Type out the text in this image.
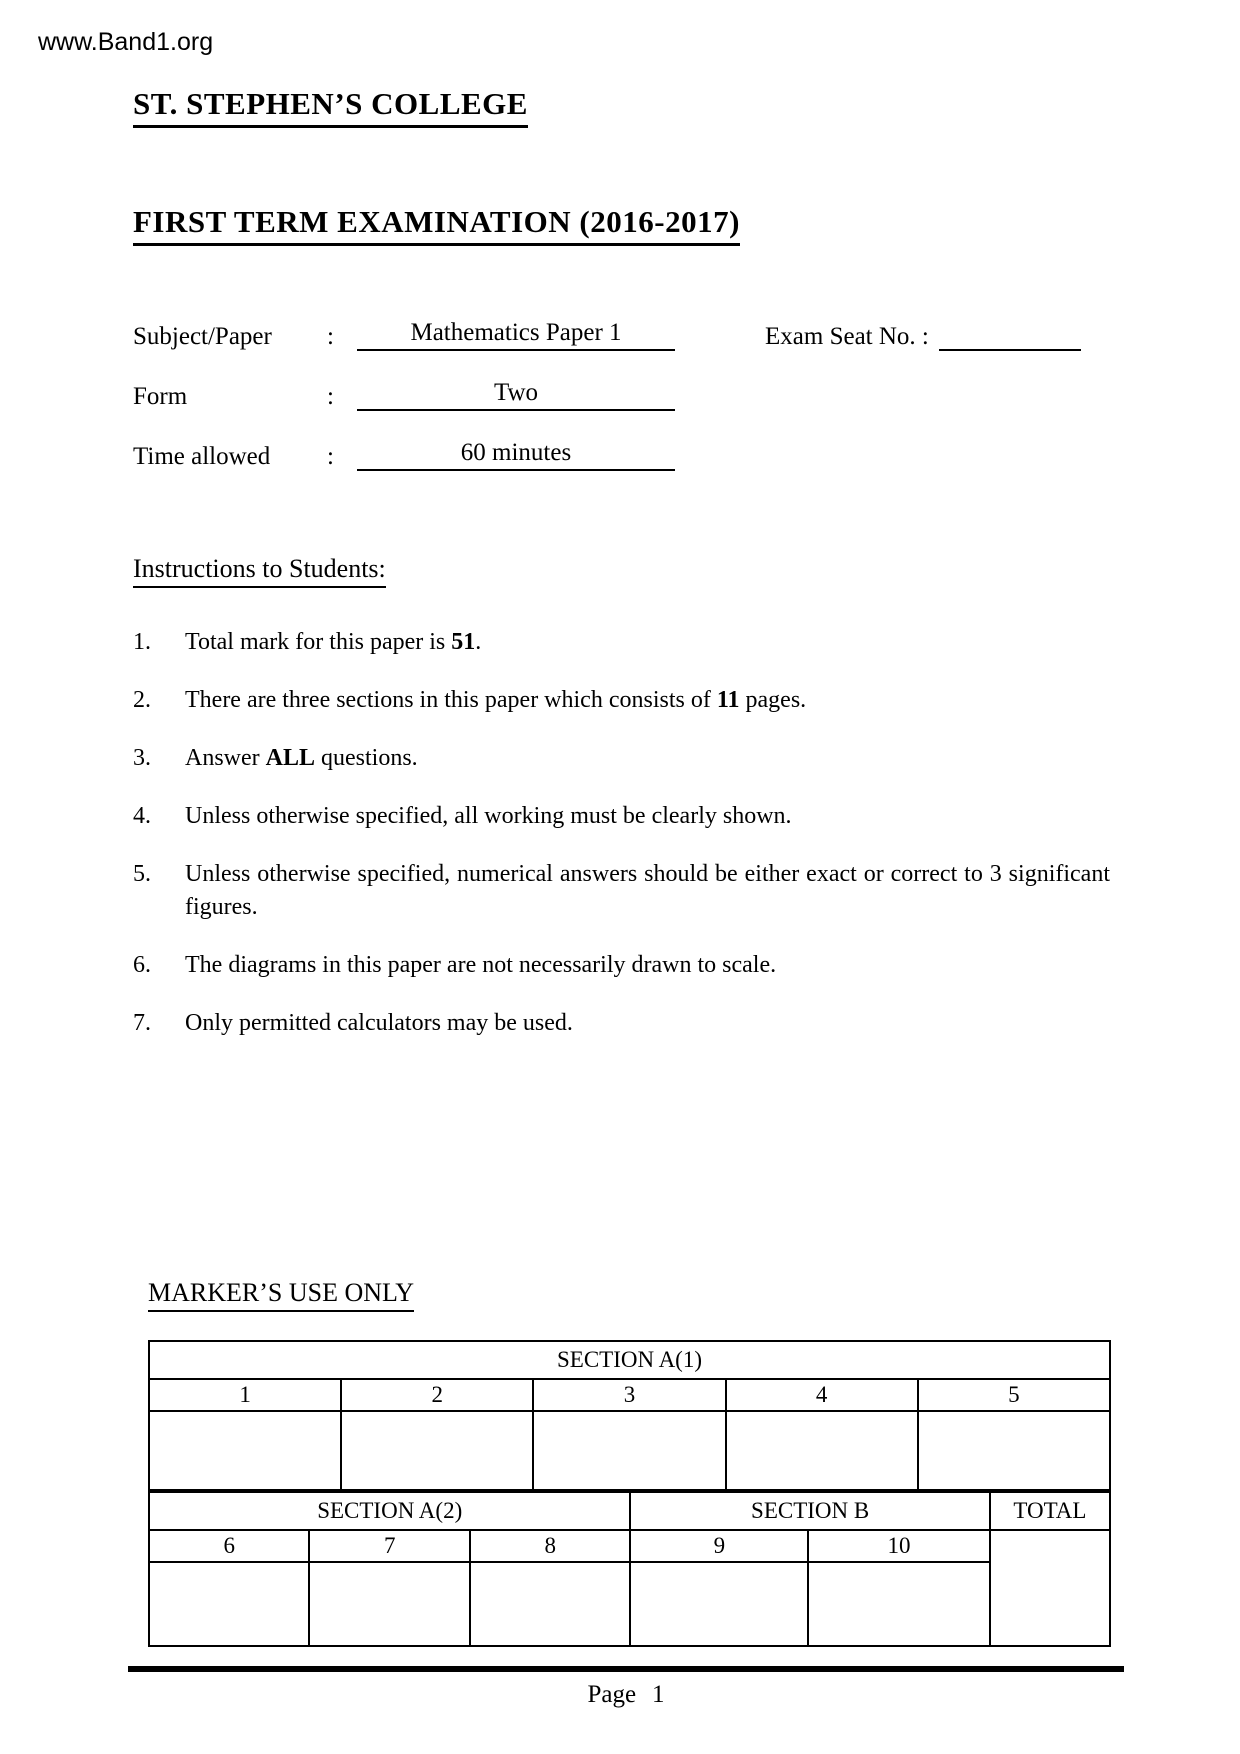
www.Band1.org
ST. STEPHEN’S COLLEGE
FIRST TERM EXAMINATION (2016-2017)
Subject/Paper	:	Mathematics Paper 1	Exam Seat No. :
Form	:	Two
Time allowed	:	60 minutes
Instructions to Students:
1.	Total mark for this paper is 51.
2.	There are three sections in this paper which consists of 11 pages.
3.	Answer ALL questions.
4.	Unless otherwise specified, all working must be clearly shown.
5.	Unless otherwise specified, numerical answers should be either exact or correct to 3 significant figures.
6.	The diagrams in this paper are not necessarily drawn to scale.
7.	Only permitted calculators may be used.
MARKER’S USE ONLY
SECTION A(1)				
1	2	3	4	5

SECTION A(2)			SECTION B		TOTAL
6	7	8	9	10	

Page 1
